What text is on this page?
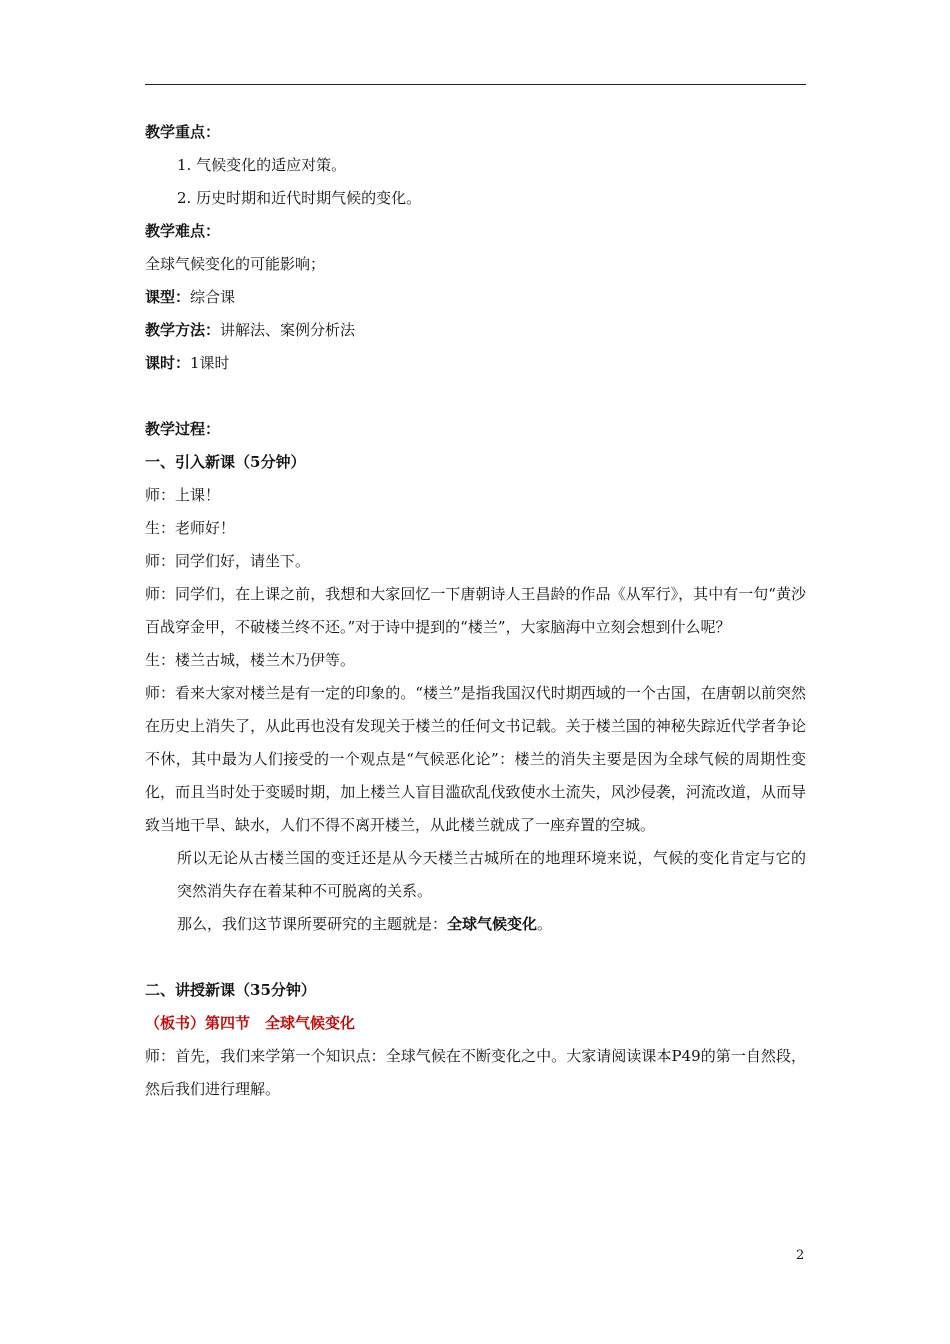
教学重点：
1. 气候变化的适应对策。
2. 历史时期和近代时期气候的变化。
教学难点：
全球气候变化的可能影响；
课型：综合课
教学方法：讲解法、案例分析法
课时：1课时
教学过程：
一、引入新课（5分钟）
师：上课！
生：老师好！
师：同学们好，请坐下。
师：同学们，在上课之前，我想和大家回忆一下唐朝诗人王昌龄的作品《从军行》，其中有一句“黄沙百战穿金甲，不破楼兰终不还。”对于诗中提到的“楼兰”，大家脑海中立刻会想到什么呢？
生：楼兰古城，楼兰木乃伊等。
师：看来大家对楼兰是有一定的印象的。“楼兰”是指我国汉代时期西域的一个古国，在唐朝以前突然在历史上消失了，从此再也没有发现关于楼兰的任何文书记载。关于楼兰国的神秘失踪近代学者争论不休，其中最为人们接受的一个观点是“气候恶化论”：楼兰的消失主要是因为全球气候的周期性变化，而且当时处于变暖时期，加上楼兰人盲目滥砍乱伐致使水土流失，风沙侵袭，河流改道，从而导致当地干旱、缺水，人们不得不离开楼兰，从此楼兰就成了一座弃置的空城。
所以无论从古楼兰国的变迁还是从今天楼兰古城所在的地理环境来说，气候的变化肯定与它的突然消失存在着某种不可脱离的关系。
那么，我们这节课所要研究的主题就是：全球气候变化。
二、讲授新课（35分钟）
（板书）第四节　全球气候变化
师：首先，我们来学第一个知识点：全球气候在不断变化之中。大家请阅读课本P49的第一自然段，然后我们进行理解。
2
